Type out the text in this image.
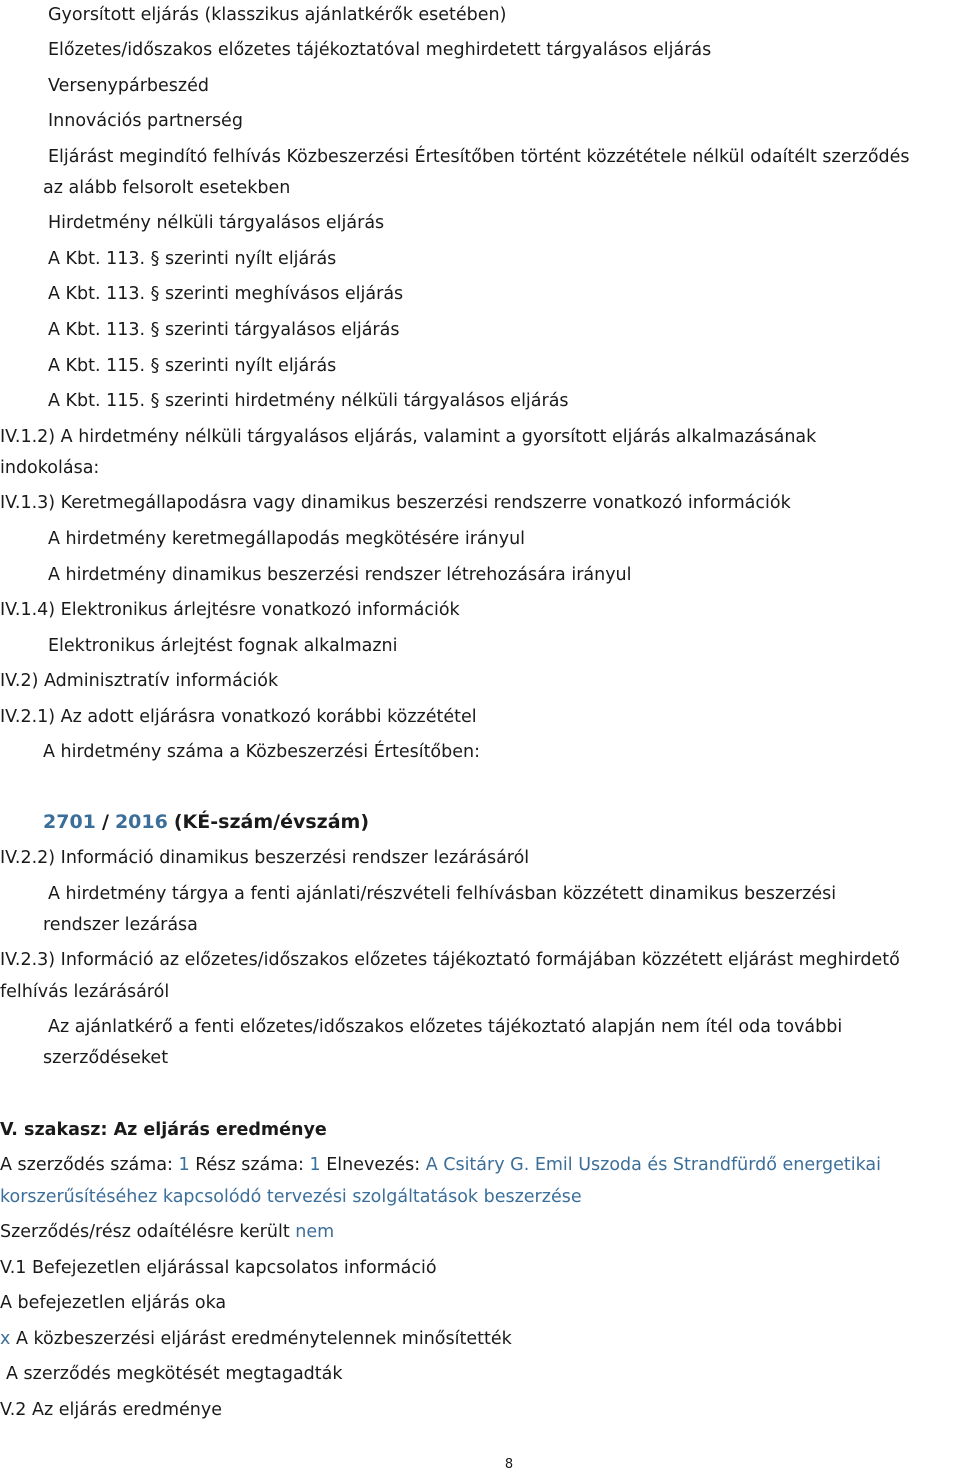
Gyorsított eljárás (klasszikus ajánlatkérők esetében)
Előzetes/időszakos előzetes tájékoztatóval meghirdetett tárgyalásos eljárás
Versenypárbeszéd
Innovációs partnerség
Eljárást megindító felhívás Közbeszerzési Értesítőben történt közzététele nélkül odaítélt szerződés
az alább felsorolt esetekben
Hirdetmény nélküli tárgyalásos eljárás
A Kbt. 113. § szerinti nyílt eljárás
A Kbt. 113. § szerinti meghívásos eljárás
A Kbt. 113. § szerinti tárgyalásos eljárás
A Kbt. 115. § szerinti nyílt eljárás
A Kbt. 115. § szerinti hirdetmény nélküli tárgyalásos eljárás
IV.1.2) A hirdetmény nélküli tárgyalásos eljárás, valamint a gyorsított eljárás alkalmazásának
indokolása:
IV.1.3) Keretmegállapodásra vagy dinamikus beszerzési rendszerre vonatkozó információk
A hirdetmény keretmegállapodás megkötésére irányul
A hirdetmény dinamikus beszerzési rendszer létrehozására irányul
IV.1.4) Elektronikus árlejtésre vonatkozó információk
Elektronikus árlejtést fognak alkalmazni
IV.2) Adminisztratív információk
IV.2.1) Az adott eljárásra vonatkozó korábbi közzététel
A hirdetmény száma a Közbeszerzési Értesítőben:
2701 / 2016 (KÉ-szám/évszám)
IV.2.2) Információ dinamikus beszerzési rendszer lezárásáról
A hirdetmény tárgya a fenti ajánlati/részvételi felhívásban közzétett dinamikus beszerzési
rendszer lezárása
IV.2.3) Információ az előzetes/időszakos előzetes tájékoztató formájában közzétett eljárást meghirdető
felhívás lezárásáról
Az ajánlatkérő a fenti előzetes/időszakos előzetes tájékoztató alapján nem ítél oda további
szerződéseket
V. szakasz: Az eljárás eredménye
A szerződés száma: 1 Rész száma: 1 Elnevezés: A Csitáry G. Emil Uszoda és Strandfürdő energetikai
korszerűsítéséhez kapcsolódó tervezési szolgáltatások beszerzése
Szerződés/rész odaítélésre került nem
V.1 Befejezetlen eljárással kapcsolatos információ
A befejezetlen eljárás oka
x A közbeszerzési eljárást eredménytelennek minősítették
A szerződés megkötését megtagadták
V.2 Az eljárás eredménye
8
